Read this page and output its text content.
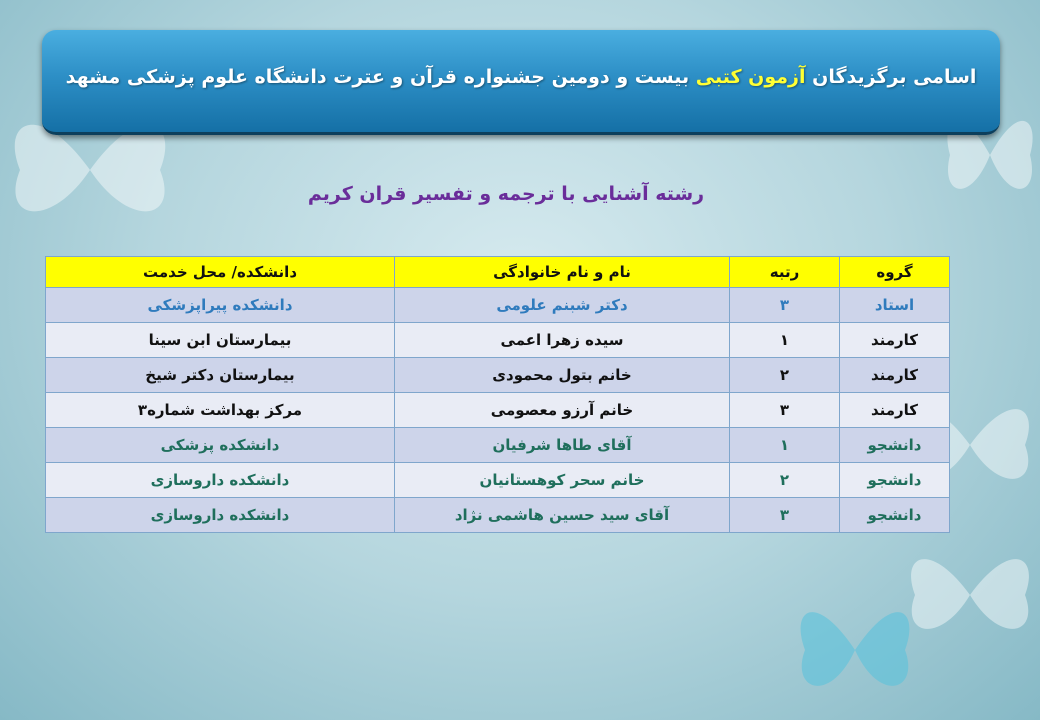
اسامی برگزیدگان آزمون کتبی بیست و دومین جشنواره قرآن و عترت دانشگاه علوم پزشکی مشهد
رشته آشنایی با ترجمه و تفسیر قران کریم
گروه	رتبه	نام و نام خانوادگی	دانشکده/ محل خدمت
استاد	۳	دکتر شبنم علومی	دانشکده پیراپزشکی
کارمند	۱	سیده زهرا اعمی	بیمارستان ابن سینا
کارمند	۲	خانم بتول محمودی	بیمارستان دکتر شیخ
کارمند	۳	خانم آرزو معصومی	مرکز بهداشت شماره۳
دانشجو	۱	آقای طاها شرفیان	دانشکده پزشکی
دانشجو	۲	خانم سحر کوهستانیان	دانشکده داروسازی
دانشجو	۳	آقای سید حسین هاشمی نژاد	دانشکده داروسازی
